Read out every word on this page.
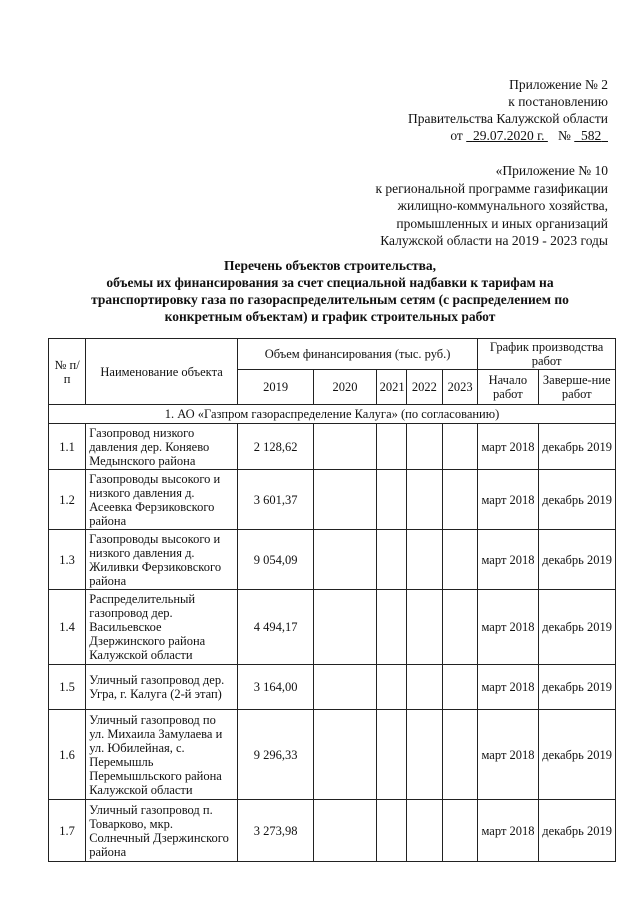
Приложение № 2
к постановлению
Правительства Калужской области
от 29.07.2020 г. № 582
«Приложение № 10
к региональной программе газификации
жилищно-коммунального хозяйства,
промышленных и иных организаций
Калужской области на 2019 - 2023 годы
Перечень объектов строительства,
объемы их финансирования за счет специальной надбавки к тарифам на
транспортировку газа по газораспределительным сетям (с распределением по
конкретным объектам) и график строительных работ
№ п/п	Наименование объекта	Объем финансирования (тыс. руб.)					График производства работ	
		2019	2020	2021	2022	2023	Начало работ	Заверше-ние работ
1. АО «Газпром газораспределение Калуга» (по согласованию)								
1.1	Газопровод низкого давления дер. Коняево Медынского района	2 128,62					март 2018	декабрь 2019
1.2	Газопроводы высокого и низкого давления д. Асеевка Ферзиковского района	3 601,37					март 2018	декабрь 2019
1.3	Газопроводы высокого и низкого давления д. Жиливки Ферзиковского района	9 054,09					март 2018	декабрь 2019
1.4	Распределительный газопровод дер. Васильевское Дзержинского района Калужской области	4 494,17					март 2018	декабрь 2019
1.5	Уличный газопровод дер. Угра, г. Калуга (2-й этап)	3 164,00					март 2018	декабрь 2019
1.6	Уличный газопровод по ул. Михаила Замулаева и ул. Юбилейная, с. Перемышль Перемышльского района Калужской области	9 296,33					март 2018	декабрь 2019
1.7	Уличный газопровод п. Товарково, мкр. Солнечный Дзержинского района	3 273,98					март 2018	декабрь 2019
